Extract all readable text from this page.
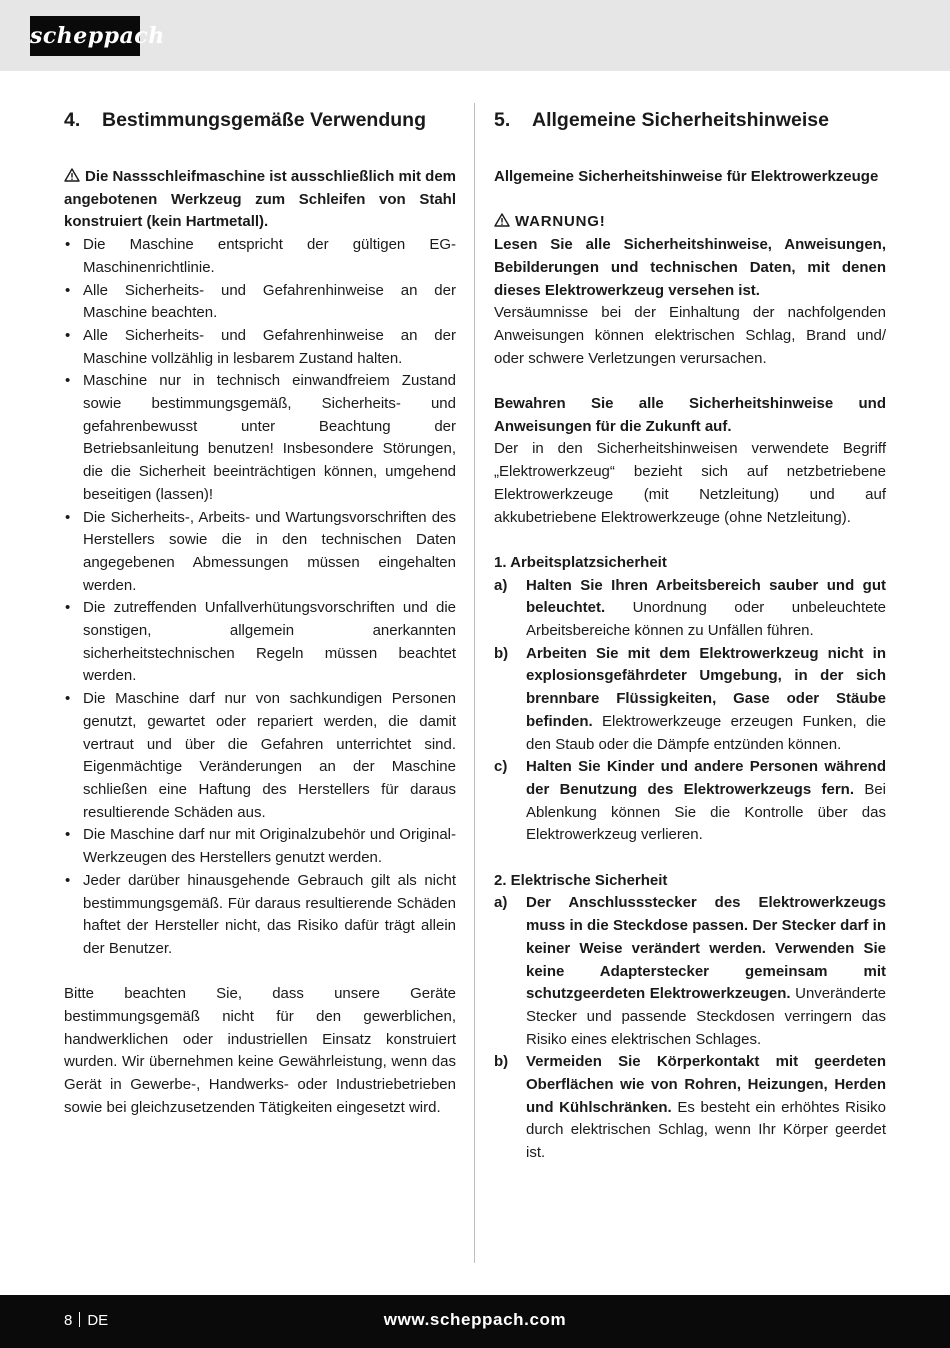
scheppach
4. Bestimmungsgemäße Verwendung

Die Nassschleifmaschine ist ausschließlich mit dem angebotenen Werkzeug zum Schleifen von Stahl konstruiert (kein Hartmetall).

• Die Maschine entspricht der gültigen EG-Maschinenrichtlinie.
• Alle Sicherheits- und Gefahrenhinweise an der Maschine beachten.
• Alle Sicherheits- und Gefahrenhinweise an der Maschine vollzählig in lesbarem Zustand halten.
• Maschine nur in technisch einwandfreiem Zustand sowie bestimmungsgemäß, Sicherheits- und gefahrenbewusst unter Beachtung der Betriebsanleitung benutzen! Insbesondere Störungen, die die Sicherheit beeinträchtigen können, umgehend beseitigen (lassen)!
• Die Sicherheits-, Arbeits- und Wartungsvorschriften des Herstellers sowie die in den technischen Daten angegebenen Abmessungen müssen eingehalten werden.
• Die zutreffenden Unfallverhütungsvorschriften und die sonstigen, allgemein anerkannten sicherheitstechnischen Regeln müssen beachtet werden.
• Die Maschine darf nur von sachkundigen Personen genutzt, gewartet oder repariert werden, die damit vertraut und über die Gefahren unterrichtet sind. Eigenmächtige Veränderungen an der Maschine schließen eine Haftung des Herstellers für daraus resultierende Schäden aus.
• Die Maschine darf nur mit Originalzubehör und Original- Werkzeugen des Herstellers genutzt werden.
• Jeder darüber hinausgehende Gebrauch gilt als nicht bestimmungsgemäß. Für daraus resultierende Schäden haftet der Hersteller nicht, das Risiko dafür trägt allein der Benutzer.

Bitte beachten Sie, dass unsere Geräte bestimmungsgemäß nicht für den gewerblichen, handwerklichen oder industriellen Einsatz konstruiert wurden. Wir übernehmen keine Gewährleistung, wenn das Gerät in Gewerbe-, Handwerks- oder Industriebetrieben sowie bei gleichzusetzenden Tätigkeiten eingesetzt wird.

5. Allgemeine Sicherheitshinweise

Allgemeine Sicherheitshinweise für Elektrowerkzeuge

WARNUNG!

Lesen Sie alle Sicherheitshinweise, Anweisungen, Bebilderungen und technischen Daten, mit denen dieses Elektrowerkzeug versehen ist.

Versäumnisse bei der Einhaltung der nachfolgenden Anweisungen können elektrischen Schlag, Brand und/ oder schwere Verletzungen verursachen.

Bewahren Sie alle Sicherheitshinweise und Anweisungen für die Zukunft auf.

Der in den Sicherheitshinweisen verwendete Begriff „Elektrowerkzeug“ bezieht sich auf netzbetriebene Elektrowerkzeuge (mit Netzleitung) und auf akkubetriebene Elektrowerkzeuge (ohne Netzleitung).

1. Arbeitsplatzsicherheit

a) Halten Sie Ihren Arbeitsbereich sauber und gut beleuchtet. Unordnung oder unbeleuchtete Arbeitsbereiche können zu Unfällen führen.
b) Arbeiten Sie mit dem Elektrowerkzeug nicht in explosionsgefährdeter Umgebung, in der sich brennbare Flüssigkeiten, Gase oder Stäube befinden. Elektrowerkzeuge erzeugen Funken, die den Staub oder die Dämpfe entzünden können.
c) Halten Sie Kinder und andere Personen während der Benutzung des Elektrowerkzeugs fern. Bei Ablenkung können Sie die Kontrolle über das Elektrowerkzeug verlieren.

2. Elektrische Sicherheit

a) Der Anschlussstecker des Elektrowerkzeugs muss in die Steckdose passen. Der Stecker darf in keiner Weise verändert werden. Verwenden Sie keine Adapterstecker gemeinsam mit schutzgeerdeten Elektrowerkzeugen. Unveränderte Stecker und passende Steckdosen verringern das Risiko eines elektrischen Schlages.
b) Vermeiden Sie Körperkontakt mit geerdeten Oberflächen wie von Rohren, Heizungen, Herden und Kühlschränken. Es besteht ein erhöhtes Risiko durch elektrischen Schlag, wenn Ihr Körper geerdet ist.
8 DE	www.scheppach.com
